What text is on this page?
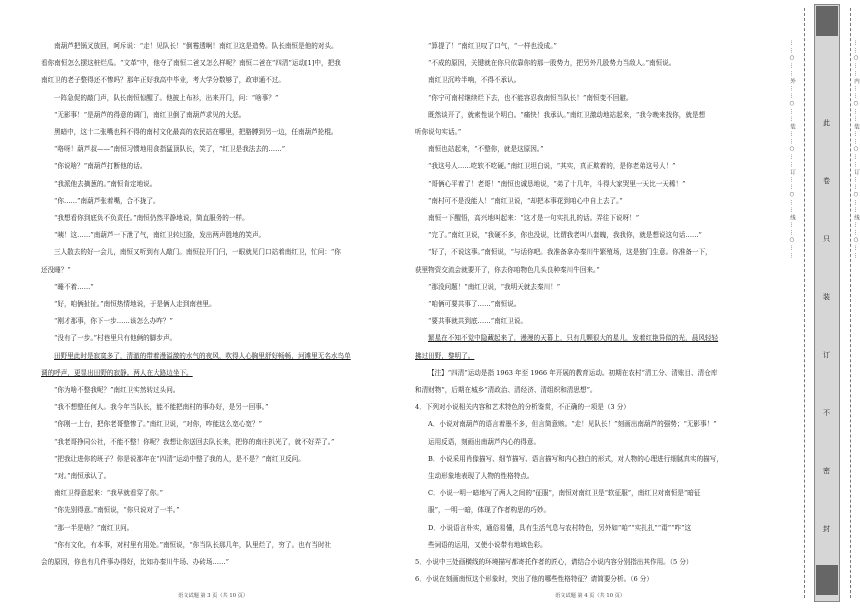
南葫芦把锅叉放回，呵斥说：“走！见队长！”倒霉透啊！南红卫这是造势。队长南恒是他的对头。

看你南恒怎么摆这桩烂瓜。“文革”中，他夺了南恒二爸又怎么样呢？南恒二爸在“四清”运动[1]中，把我

南红卫的老子整得还不惨吗？那年正好我高中毕业，考大学分数够了，政审通不过。

一阵急促的敲门声，队长南恒惊醒了。他披上布衫，出来开门，问：“啥事？”

“无影事！”是葫芦的得意的调门，南红卫倒了南葫芦求见的大恶。

黑暗中，这十二张嘴也科不得的南村文化最高的农民站在哪里，把胳膊到另一边，任南葫芦抡棍。

“咯呀！葫芦叔——”南恒习惯地用食指猛顶队长，笑了，“红卫是我法去的……”

“你说啥？”南葫芦打断他的话。

“我派他去摘葱的。”南恒肯定地说。

“你……”南葫芦张着嘴，合不拢了。

“我想看你到底负不负责任。”南恒仍然平静地说，简直服务的一样。

“咦！这……”南葫芦一下泄了气，南红卫转过脸，发出两声胜地的笑声。

三人散去的好一会儿，南恒又听到有人敲门。南恒拉开门闩，一眼就见门口站着南红卫，忙问：“你

还没睡？”

“睡不着……”

“好，咱俩扯扯。”南恒热情地说，于是俩人走到南巷里。

“刚才那事，你下一步……该怎么办咋？”

“没有了一步。”村巷里只有他俩的脚步声。

田野里此时是寂寞多了，清澈的带着漫溢激的水气的夜风，吹得人心胸里舒好畅畅，河滩里无名水鸟单

调的呼声，更显出田野的寂静。两人在大路边坐下。

“你为啥不整我呢？”南红卫实然转过头问。

“我不想整任何人。我今年当队长，能不能把南村的事办好，是另一回事。”

“你刚一上台，把你老哥整惨了。”南红卫说，“对你，咋能这么宽心宽？”

“我老哥挣同公社，不能不整！你呢？我想让你送回去队长来，把你的南庄扒光了，就不好弄了。”

“把我让进你的班子？你是说那年在“四清”运动中整了我的人，是不是？”南红卫反问。

“对。”南恒承认了。

南红卫得意起来：“我早就看穿了你。”

“你先别得意。”南恒说，“你只说对了一半。”

“那一半是啥？”南红卫问。

“你有文化，有本事，对村里有用处。”南恒说，“你当队长那几年，队里烂了，穷了。也有当时社

会的原因，你也有几件事办得好，比如办秦川牛场、办砖场……”

“算提了！”南红卫叹了口气，“一样也没成。”

“不成的原因，关键就在你只依靠你的那一股势力，把另外几股势力当敌人。”南恒说。

南红卫沉吟半响，不得不承认。

“你宁可南村继续烂下去，也不能容忍我南恒当队长！”南恒变不回避。

既然谈开了，就索性说个明白。“痛快！我承认。”南红卫激动地站起来，“我今晚来找你，就是想

听你说句实话。”

南恒也站起来，“不整你，就是这原因。”

“我这号人……吃软不吃硬。”南红卫坦白说，“其实，真正欺着的，是你老弟这号人！”

“哥俩心平着了！老哥！”南恒也诚恳地说，“弟了十几年，斗得大家哭里一天比一天稀！”

“南村可不是没能人！”南红卫说，“却把本事花到咱心中自上去了。”

南恒一下醒悟，高兴地叫起来：“这才是一句实扎扎的话。弄往下说呀！”

“完了。”南红卫说，“我硬不多，你也没说，比谓我老叫八套魄，我我你，就是想说这句话……”

“好了，不说这事。”南恒说，“与话你吧。我准备拿办秦川牛繁殖场，这是独门生意。你准备一下，

获里物资交流会就要开了，你去你咱物色几头良种秦川牛回来。”

“那没问题！”南红卫说，“我明天就去秦川！”

“咱俩可要共事了……”南恒说。

“要共事就共到底……”南红卫说。

繁星在不知不觉中隐藏起来了，漫漫的天幕上，只有几颗很大的星儿，发着红艳异似的光，晨风轻轻

拂过田野，黎明了。

【注】“四清”运动是指 1963 年至 1966 年开展的教育运动。初期在农村“清工分、清账目、清仓库

和清财物”，后期在城乡“清政治、清经济、清组织和清思想”。

4．下列对小说相关内容和艺术特色的分析鉴赏，不正确的一项是（3 分）

A．小说对南葫芦的语言着墨不多，但言简意赅。“走！见队长！”刻画出南葫芦的强势；“无影事！”

运用反语，刻画出南葫芦内心的得意。

B．小说采用肖像描写、细节描写、语言描写和内心独白的形式，对人物的心理进行细腻真实的描写，

生动形象地表现了人物的性格特点。

C．小说一明一暗地写了两人之间的“征服”，南恒对南红卫是“软征服”，南红卫对南恒是“暗征

服”，一明一暗，体现了作者构思的巧妙。

D．小说语言朴实，通俗易懂，具有生活气息与农村特色，另外如“咱”“实扎扎”“甭”“咋”这

些词语的运用，又使小说带有地域色彩。

5．小说中三处画横线的环境描写都寄托作者的匠心，请结合小说内容分别指出其作用。（5 分）

6．小说在刻画南恒这个形象时，突出了他的哪些性格特征？请简要分析。（6 分）

语文试题 第 3 页（共 10 页）	语文试题 第 4 页（共 10 页）
……○……外……○……装……○……订……○……线……○……	此
卷
只
装
订
不
密
封
……○……内……○……装……○……订……○……线……○……
